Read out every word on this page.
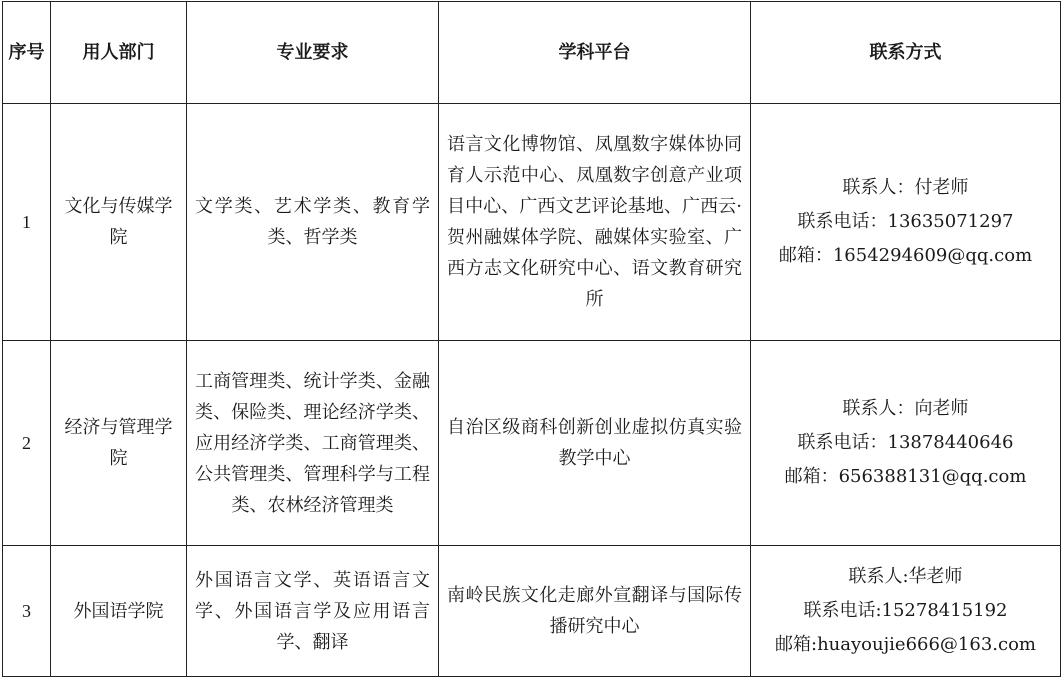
序号	用人部门	专业要求	学科平台	联系方式
1	文化与传媒学院	文学类、艺术学类、教育学类、哲学类	语言文化博物馆、凤凰数字媒体协同育人示范中心、凤凰数字创意产业项目中心、广西文艺评论基地、广西云·贺州融媒体学院、融媒体实验室、广西方志文化研究中心、语文教育研究所	联系人：付老师
联系电话：13635071297
邮箱：1654294609@qq.com

2	经济与管理学院	工商管理类、统计学类、金融类、保险类、理论经济学类、应用经济学类、工商管理类、公共管理类、管理科学与工程类、农林经济管理类	自治区级商科创新创业虚拟仿真实验教学中心	联系人：向老师
联系电话：13878440646
邮箱：656388131@qq.com

3	外国语学院	外国语言文学、英语语言文学、外国语言学及应用语言学、翻译	南岭民族文化走廊外宣翻译与国际传播研究中心	联系人:华老师
联系电话:15278415192
邮箱:huayoujie666@163.com
